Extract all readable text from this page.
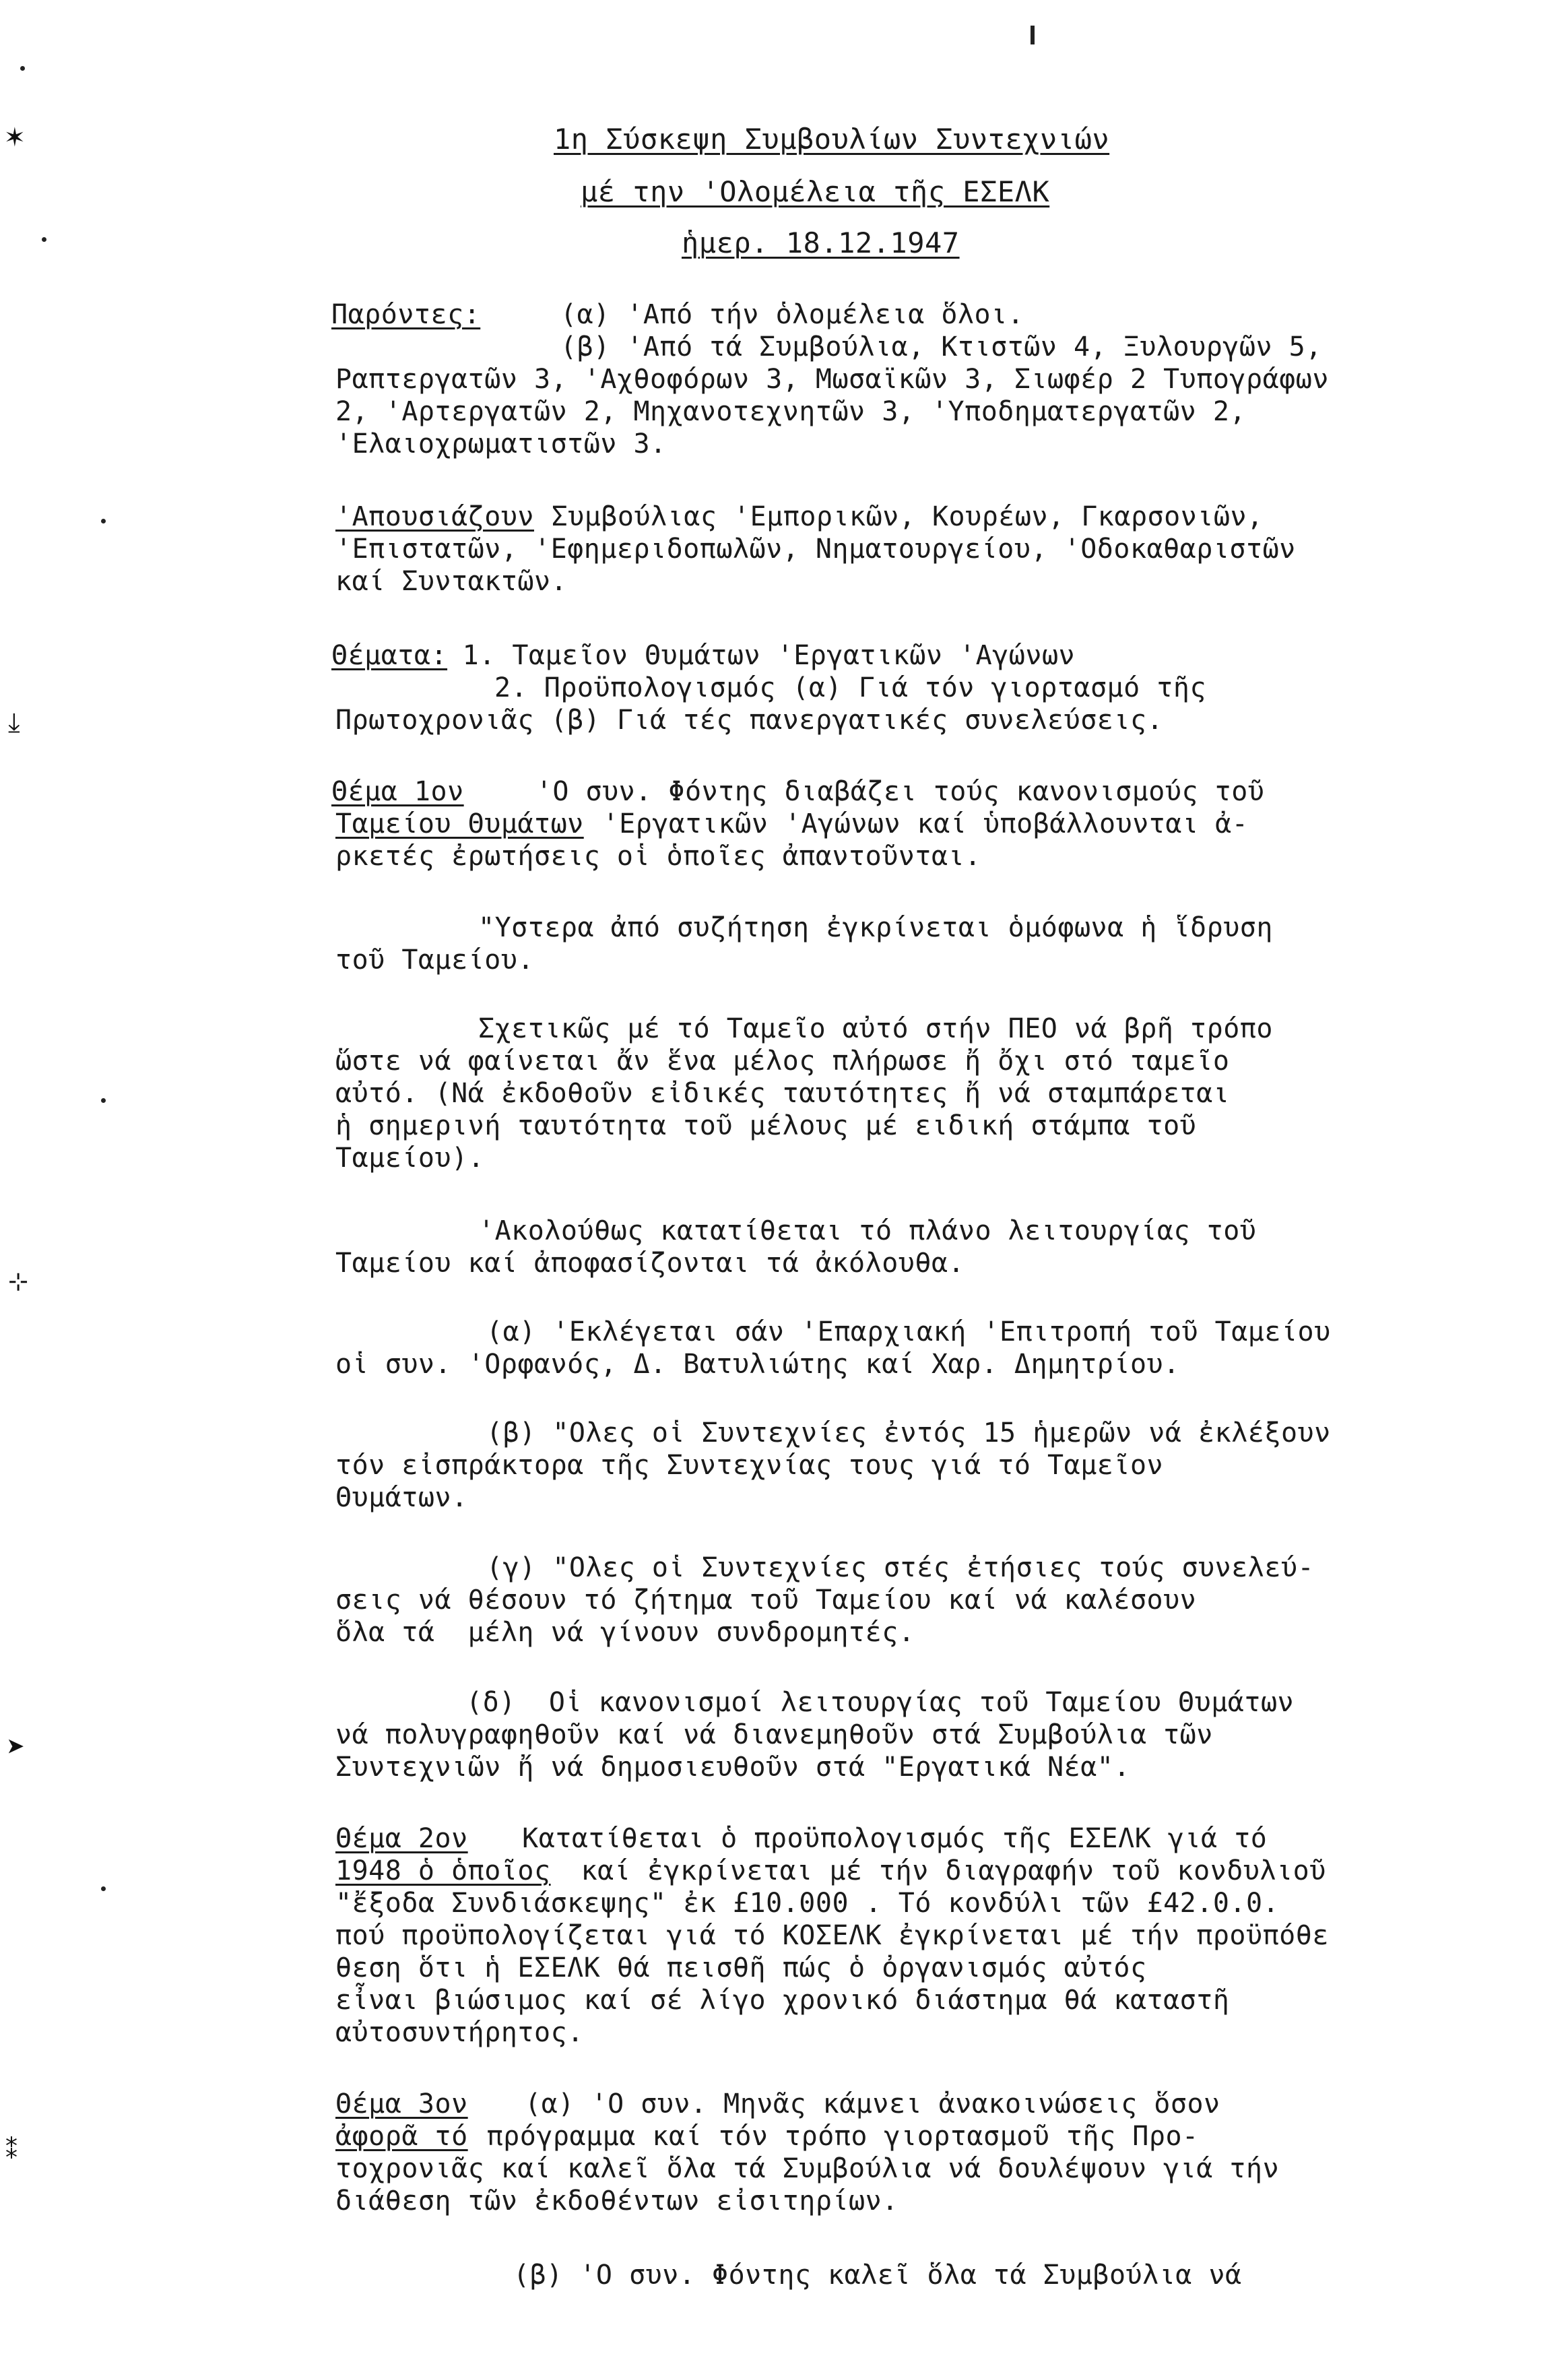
✶
⤓
⊹
➤
⁑
1η Σύσκεψη Συμβουλίων Συντεχνιών
μέ την 'Ολομέλεια τῆς ΕΣΕΛΚ
ἡμερ. 18.12.1947
Παρόντες:	(α) 'Από τήν ὁλομέλεια ὅλοι.
(β) 'Από τά Συμβούλια, Κτιστῶν 4, Ξυλουργῶν 5,
Ραπτεργατῶν 3, 'Αχθοφόρων 3, Μωσαϊκῶν 3, Σιωφέρ 2 Τυπογράφων
2, 'Αρτεργατῶν 2, Μηχανοτεχνητῶν 3, 'Υποδηματεργατῶν 2,
'Ελαιοχρωματιστῶν 3.
'Απουσιάζουν Συμβούλιας 'Εμπορικῶν, Κουρέων, Γκαρσονιῶν,
'Επιστατῶν, 'Εφημεριδοπωλῶν, Νηματουργείου, 'Οδοκαθαριστῶν
καί Συντακτῶν.
Θέματα:
1. Ταμεῖον Θυμάτων 'Εργατικῶν 'Αγώνων
2. Προϋπολογισμός (α) Γιά τόν γιορτασμό τῆς
Πρωτοχρονιᾶς (β) Γιά τές πανεργατικές συνελεύσεις.
Θέμα 1ον 'Ο συν. Φόντης διαβάζει τούς κανονισμούς τοῦ
Ταμείου Θυμάτων 'Εργατικῶν 'Αγώνων καί ὑποβάλλουνται ἀ-
ρκετές ἐρωτήσεις οἱ ὁποῖες ἀπαντοῦνται.
"Υστερα ἀπό συζήτηση ἐγκρίνεται ὁμόφωνα ἡ ἵδρυση
τοῦ Ταμείου.
Σχετικῶς μέ τό Ταμεῖο αὐτό στήν ΠΕΟ νά βρῆ τρόπο
ὥστε νά φαίνεται ἄν ἕνα μέλος πλήρωσε ἤ ὄχι στό ταμεῖο
αὐτό. (Νά ἐκδοθοῦν εἰδικές ταυτότητες ἤ νά σταμπάρεται
ἡ σημερινή ταυτότητα τοῦ μέλους μέ ειδική στάμπα τοῦ
Ταμείου).
'Ακολούθως κατατίθεται τό πλάνο λειτουργίας τοῦ
Ταμείου καί ἀποφασίζονται τά ἀκόλουθα.
(α) 'Εκλέγεται σάν 'Επαρχιακή 'Επιτροπή τοῦ Ταμείου
οἱ συν. 'Ορφανός, Δ. Βατυλιώτης καί Χαρ. Δημητρίου.
(β) "Ολες οἱ Συντεχνίες ἐντός 15 ἡμερῶν νά ἐκλέξουν
τόν εἰσπράκτορα τῆς Συντεχνίας τους γιά τό Ταμεῖον
Θυμάτων.
(γ) "Ολες οἱ Συντεχνίες στές ἐτήσιες τούς συνελεύ-
σεις νά θέσουν τό ζήτημα τοῦ Ταμείου καί νά καλέσουν
ὅλα τά  μέλη νά γίνουν συνδρομητές.
(δ)  Οἱ κανονισμοί λειτουργίας τοῦ Ταμείου Θυμάτων
νά πολυγραφηθοῦν καί νά διανεμηθοῦν στά Συμβούλια τῶν
Συντεχνιῶν ἤ νά δημοσιευθοῦν στά "Εργατικά Νέα".
Θέμα 2ον Κατατίθεται ὁ προϋπολογισμός τῆς ΕΣΕΛΚ γιά τό
1948 ὁ ὁποῖος καί ἐγκρίνεται μέ τήν διαγραφήν τοῦ κονδυλιοῦ
"ἔξοδα Συνδιάσκεψης" ἐκ £10.000 . Τό κονδύλι τῶν £42.0.0.
πού προϋπολογίζεται γιά τό ΚΟΣΕΛΚ ἐγκρίνεται μέ τήν προϋπόθε
θεση ὅτι ἡ ΕΣΕΛΚ θά πεισθῆ πώς ὁ ὀργανισμός αὐτός
εἶναι βιώσιμος καί σέ λίγο χρονικό διάστημα θά καταστῆ
αὐτοσυντήρητος.
Θέμα 3ον (α) 'Ο συν. Μηνᾶς κάμνει ἀνακοινώσεις ὅσον
ἀφορᾶ τό πρόγραμμα καί τόν τρόπο γιορτασμοῦ τῆς Προ-
τοχρονιᾶς καί καλεῖ ὅλα τά Συμβούλια νά δουλέψουν γιά τήν
διάθεση τῶν ἐκδοθέντων εἰσιτηρίων.
(β) 'Ο συν. Φόντης καλεῖ ὅλα τά Συμβούλια νά
